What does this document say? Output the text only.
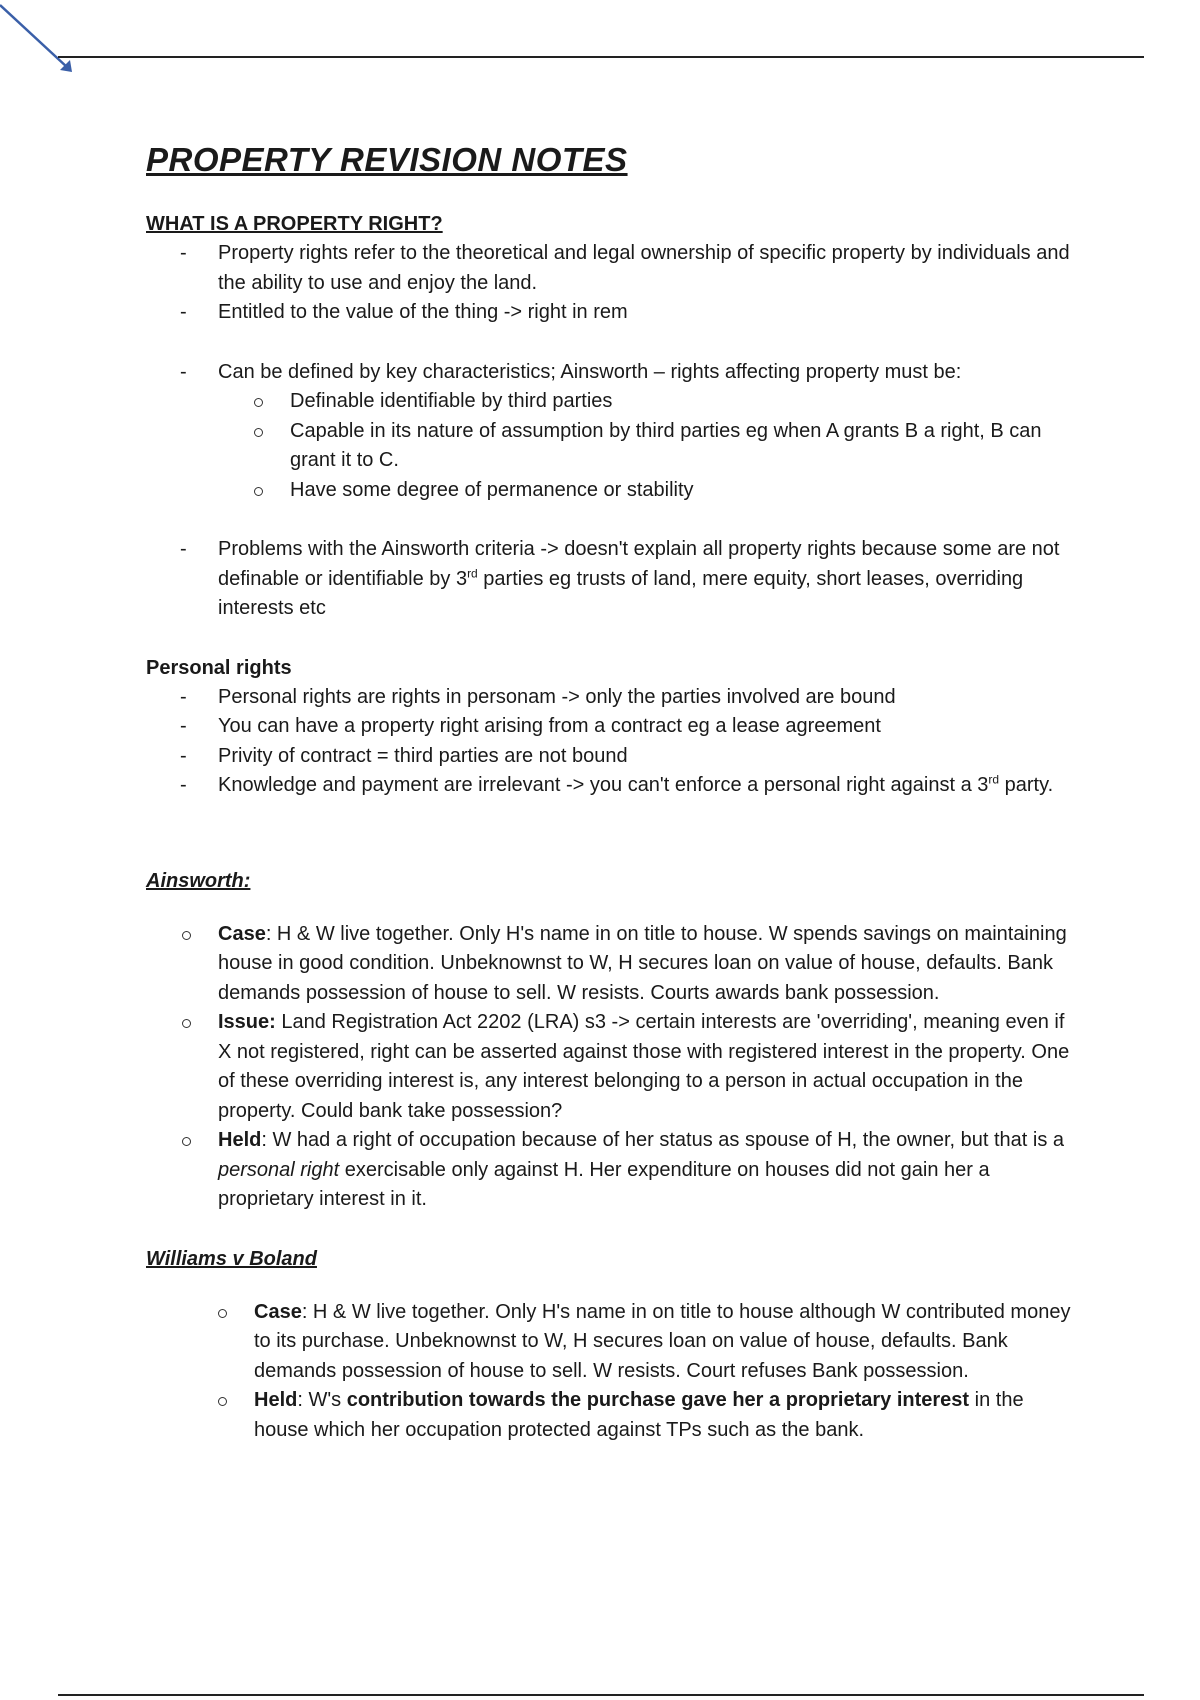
PROPERTY REVISION NOTES
WHAT IS A PROPERTY RIGHT?
- Property rights refer to the theoretical and legal ownership of specific property by individuals and the ability to use and enjoy the land.
- Entitled to the value of the thing -> right in rem
- Can be defined by key characteristics; Ainsworth – rights affecting property must be:
Definable identifiable by third parties
Capable in its nature of assumption by third parties eg when A grants B a right, B can grant it to C.
Have some degree of permanence or stability
- Problems with the Ainsworth criteria -> doesn't explain all property rights because some are not definable or identifiable by 3rd parties eg trusts of land, mere equity, short leases, overriding interests etc
Personal rights
- Personal rights are rights in personam -> only the parties involved are bound
- You can have a property right arising from a contract eg a lease agreement
- Privity of contract = third parties are not bound
- Knowledge and payment are irrelevant -> you can't enforce a personal right against a 3rd party.
Ainsworth:
Case: H & W live together. Only H's name in on title to house. W spends savings on maintaining house in good condition. Unbeknownst to W, H secures loan on value of house, defaults. Bank demands possession of house to sell. W resists. Courts awards bank possession.
Issue: Land Registration Act 2202 (LRA) s3 -> certain interests are 'overriding', meaning even if X not registered, right can be asserted against those with registered interest in the property. One of these overriding interest is, any interest belonging to a person in actual occupation in the property. Could bank take possession?
Held: W had a right of occupation because of her status as spouse of H, the owner, but that is a personal right exercisable only against H. Her expenditure on houses did not gain her a proprietary interest in it.
Williams v Boland
Case: H & W live together. Only H's name in on title to house although W contributed money to its purchase. Unbeknownst to W, H secures loan on value of house, defaults. Bank demands possession of house to sell. W resists. Court refuses Bank possession.
Held: W's contribution towards the purchase gave her a proprietary interest in the house which her occupation protected against TPs such as the bank.
